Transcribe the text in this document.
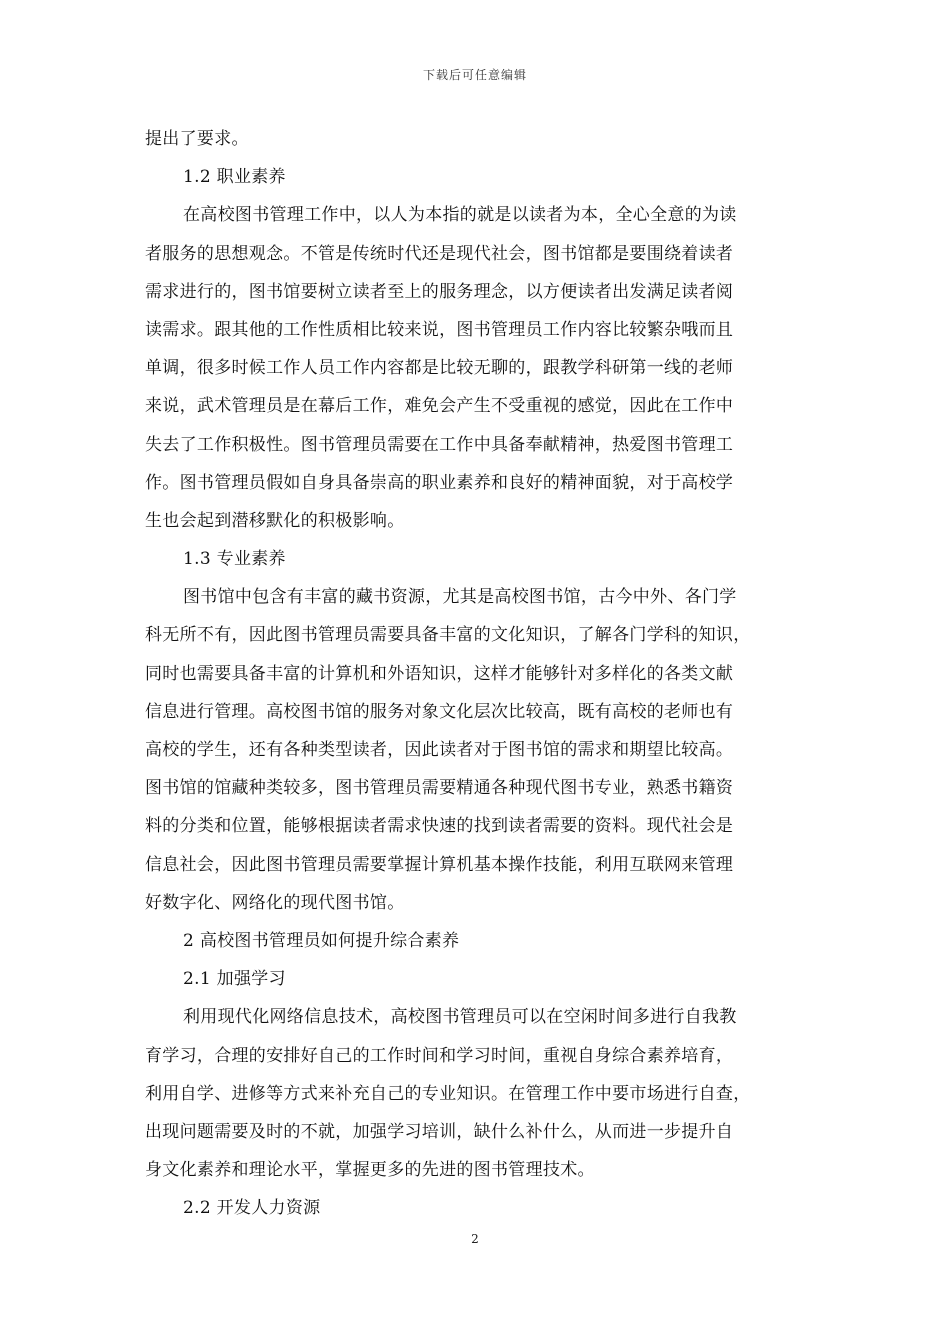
下载后可任意编辑
提出了要求。
1.2 职业素养
在高校图书管理工作中，以人为本指的就是以读者为本，全心全意的为读
者服务的思想观念。不管是传统时代还是现代社会，图书馆都是要围绕着读者
需求进行的，图书馆要树立读者至上的服务理念，以方便读者出发满足读者阅
读需求。跟其他的工作性质相比较来说，图书管理员工作内容比较繁杂哦而且
单调，很多时候工作人员工作内容都是比较无聊的，跟教学科研第一线的老师
来说，武术管理员是在幕后工作，难免会产生不受重视的感觉，因此在工作中
失去了工作积极性。图书管理员需要在工作中具备奉献精神，热爱图书管理工
作。图书管理员假如自身具备崇高的职业素养和良好的精神面貌，对于高校学
生也会起到潜移默化的积极影响。
1.3 专业素养
图书馆中包含有丰富的藏书资源，尤其是高校图书馆，古今中外、各门学
科无所不有，因此图书管理员需要具备丰富的文化知识，了解各门学科的知识，
同时也需要具备丰富的计算机和外语知识，这样才能够针对多样化的各类文献
信息进行管理。高校图书馆的服务对象文化层次比较高，既有高校的老师也有
高校的学生，还有各种类型读者，因此读者对于图书馆的需求和期望比较高。
图书馆的馆藏种类较多，图书管理员需要精通各种现代图书专业，熟悉书籍资
料的分类和位置，能够根据读者需求快速的找到读者需要的资料。现代社会是
信息社会，因此图书管理员需要掌握计算机基本操作技能，利用互联网来管理
好数字化、网络化的现代图书馆。
2 高校图书管理员如何提升综合素养
2.1 加强学习
利用现代化网络信息技术，高校图书管理员可以在空闲时间多进行自我教
育学习，合理的安排好自己的工作时间和学习时间，重视自身综合素养培育，
利用自学、进修等方式来补充自己的专业知识。在管理工作中要市场进行自查，
出现问题需要及时的不就，加强学习培训，缺什么补什么，从而进一步提升自
身文化素养和理论水平，掌握更多的先进的图书管理技术。
2.2 开发人力资源
2
